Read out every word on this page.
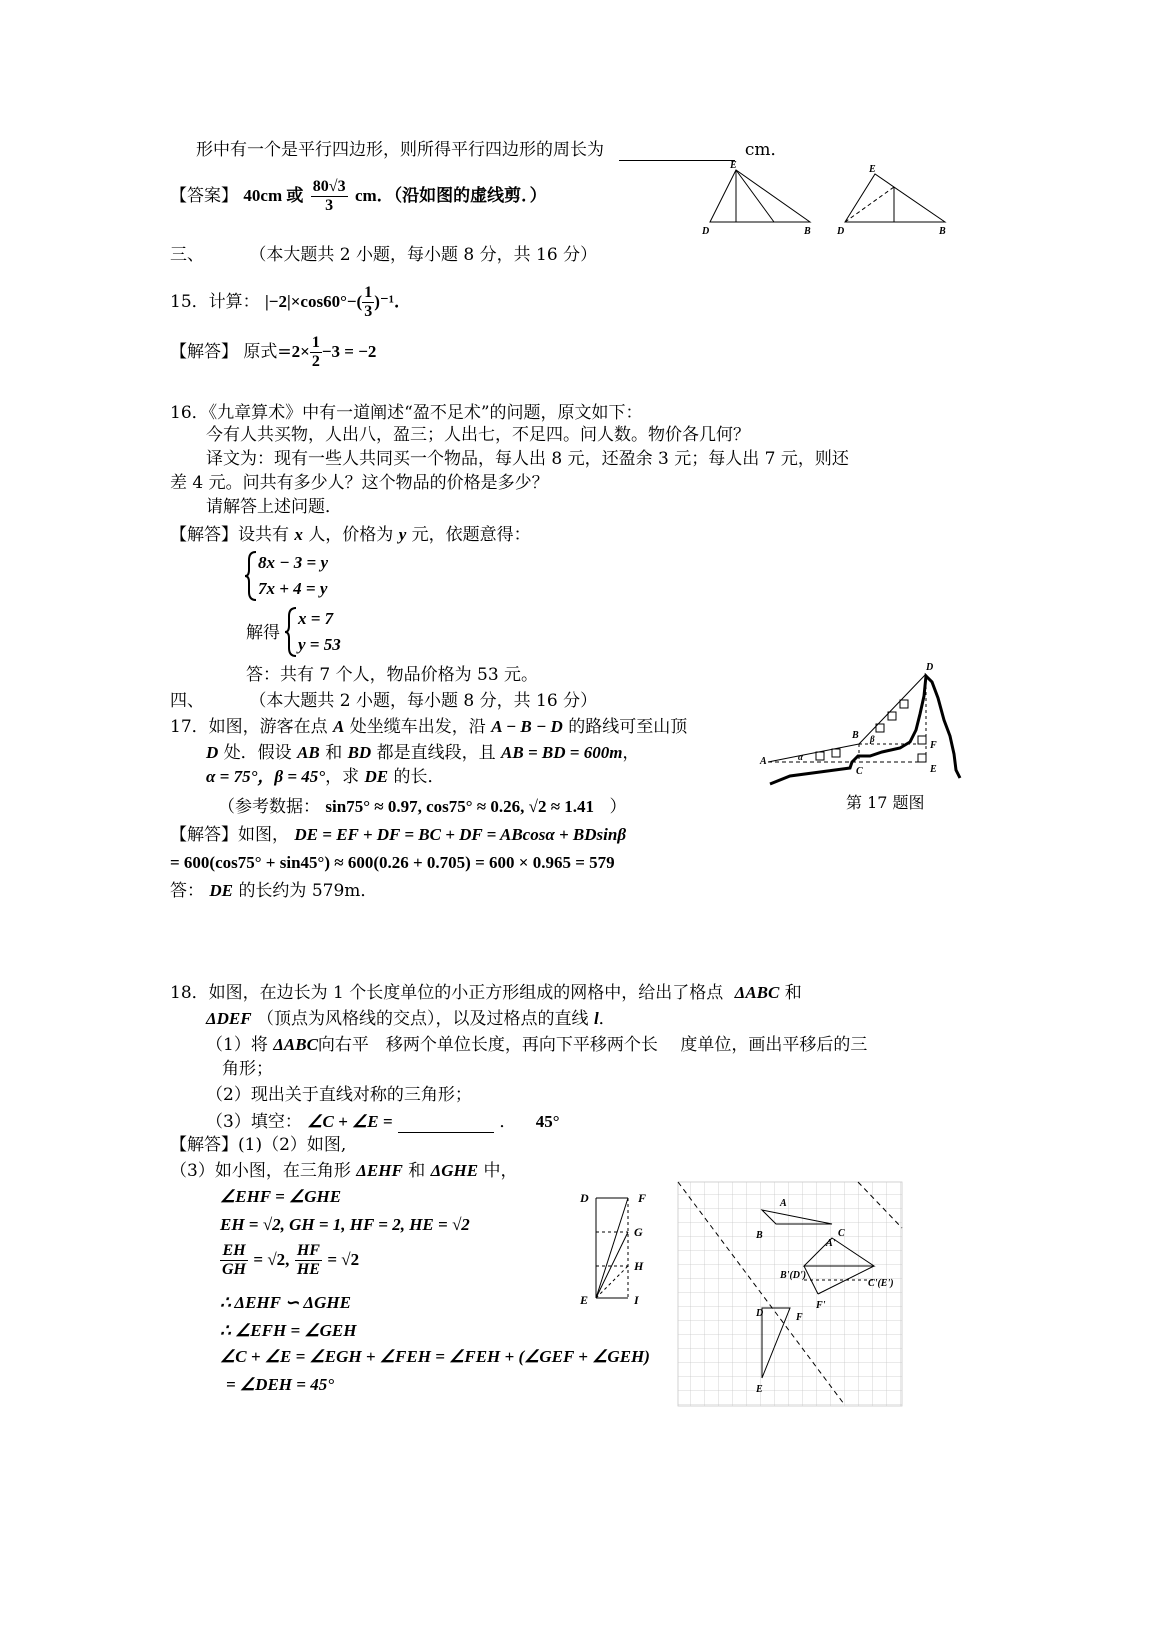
形中有一个是平行四边形，则所得平行四边形的周长为	cm．
【答案】 40cm 或 $\frac{80√3}{3}$ cm．（沿如图的虚线剪．）
E
D	B
E
D	B
三、	（本大题共 2 小题，每小题 8 分，共 16 分）
15．计算： $|-2|\times\cos 60^\circ-( \frac{1}{3} )^{-1}$．
【解答】 原式$=2\times \frac{1}{2} -3 = -2$
16．《九章算术》中有一道阐述“盈不足术”的问题，原文如下：
今有人共买物，人出八，盈三；人出七，不足四。问人数。物价各几何？
译文为：现有一些人共同买一个物品，每人出 8 元，还盈余 3 元；每人出 7 元，则还
差 4 元。问共有多少人？这个物品的价格是多少？
请解答上述问题．
【解答】设共有 x 人，价格为 y 元，依题意得：
8x − 3 = y
7x + 4 = y
解得
x = 7
y = 53
答：共有 7 个人，物品价格为 53 元。
四、	（本大题共 2 小题，每小题 8 分，共 16 分）
17．如图，游客在点 A 处坐缆车出发，沿 A − B − D 的路线可至山顶
D 处．假设 AB 和 BD 都是直线段，且 AB = BD = 600m，
α = 75°，β = 45°，求 DE 的长．
（参考数据： sin75° ≈ 0.97, cos75° ≈ 0.26, √2 ≈ 1.41 ）
【解答】如图， DE = EF + DF = BC + DF = ABcosα + BDsinβ
= 600(cos75° + sin45°) ≈ 600(0.26 + 0.705) = 600 × 0.965 = 579
答： DE 的长约为 579m．
A
B
C
D
E
F
α
β
第 17 题图
18．如图，在边长为 1 个长度单位的小正方形组成的网格中，给出了格点 ΔABC 和
ΔDEF （顶点为风格线的交点），以及过格点的直线 l．
（1）将 ΔABC向右平　移两个单位长度，再向下平移两个长　 度单位，画出平移后的三
角形；
（2）现出关于直线对称的三角形；
（3）填空： ∠C + ∠E =	． 45°
【解答】(1)（2）如图,
（3）如小图，在三角形 ΔEHF 和 ΔGHE 中，
∠EHF = ∠GHE
EH = √2, GH = 1, HF = 2, HE = √2
$\frac{EH}{GH} = √2$, $\frac{HF}{HE} = √2$
∴ ΔEHF ∽ ΔGHE
∴ ∠EFH = ∠GEH
∠C + ∠E = ∠EGH + ∠FEH = ∠FEH + (∠GEF + ∠GEH)
= ∠DEH = 45°
D	F
G
H
E	I
A
B	C
A'
B'(D')
C'(E')
F'
D	F
E
